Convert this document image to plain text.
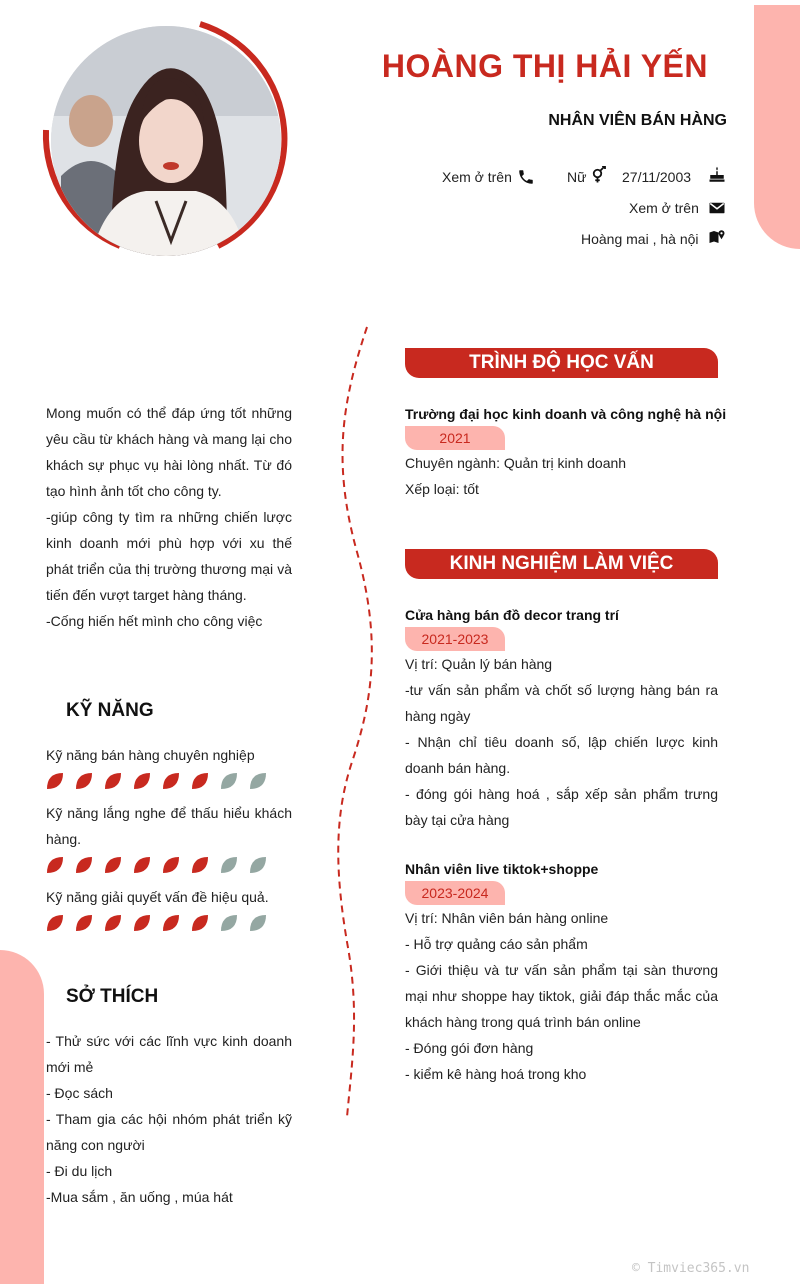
HOÀNG THỊ HẢI YẾN
NHÂN VIÊN BÁN HÀNG
Xem ở trên	Nữ	27/11/2003
Xem ở trên
Hoàng mai , hà nội

Mong muốn có thể đáp ứng tốt những yêu cầu từ khách hàng và mang lại cho khách sự phục vụ hài lòng nhất. Từ đó tạo hình ảnh tốt cho công ty.

-giúp công ty tìm ra những chiến lược kinh doanh mới phù hợp với xu thế phát triển của thị trường thương mại và tiến đến vượt target hàng tháng.

-Cống hiến hết mình cho công việc

KỸ NĂNG
Kỹ năng bán hàng chuyên nghiệp
Kỹ năng lắng nghe để thấu hiểu khách hàng.
Kỹ năng giải quyết vấn đề hiệu quả.
SỞ THÍCH

- Thử sức với các lĩnh vực kinh doanh mới mẻ

- Đọc sách

- Tham gia các hội nhóm phát triển kỹ năng con người

- Đi du lịch

-Mua sắm , ăn uống , múa hát

TRÌNH ĐỘ HỌC VẤN
Trường đại học kinh doanh và công nghệ hà nội
2021

Chuyên ngành: Quản trị kinh doanh

Xếp loại: tốt

KINH NGHIỆM LÀM VIỆC
Cửa hàng bán đồ decor trang trí
2021-2023

Vị trí: Quản lý bán hàng

-tư vấn sản phẩm và chốt số lượng hàng bán ra hàng ngày

- Nhận chỉ tiêu doanh số, lập chiến lược kinh doanh bán hàng.

- đóng gói hàng hoá , sắp xếp sản phẩm trưng bày tại cửa hàng

Nhân viên live tiktok+shoppe
2023-2024

Vị trí: Nhân viên bán hàng online

- Hỗ trợ quảng cáo sản phẩm

- Giới thiệu và tư vấn sản phẩm tại sàn thương mại như shoppe hay tiktok, giải đáp thắc mắc của khách hàng trong quá trình bán online

- Đóng gói đơn hàng

- kiểm kê hàng hoá trong kho

© Timviec365.vn
